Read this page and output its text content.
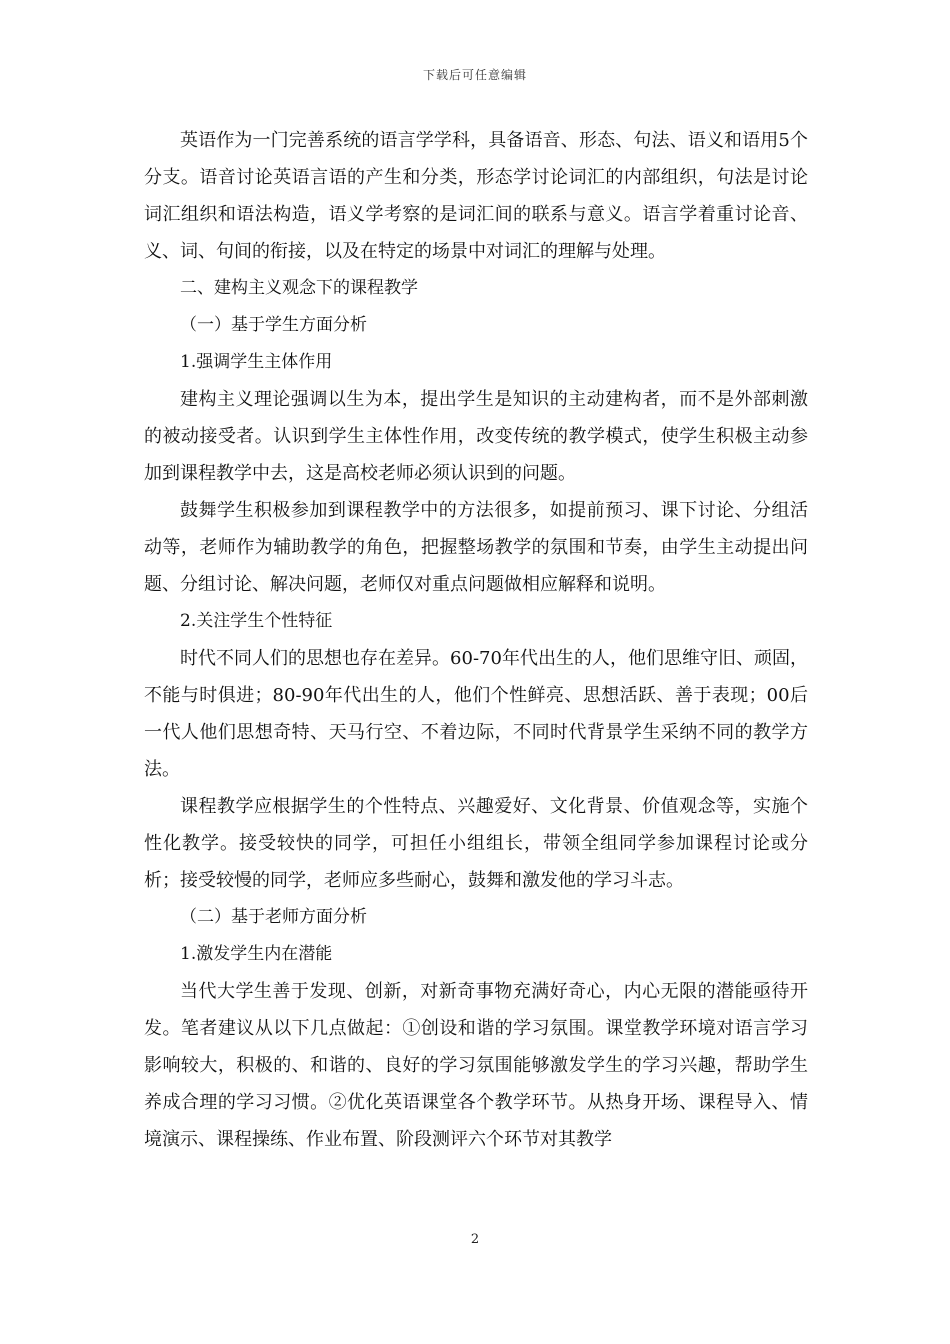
下载后可任意编辑

英语作为一门完善系统的语言学学科，具备语音、形态、句法、语义和语用5个分支。语音讨论英语言语的产生和分类，形态学讨论词汇的内部组织，句法是讨论词汇组织和语法构造，语义学考察的是词汇间的联系与意义。语言学着重讨论音、义、词、句间的衔接，以及在特定的场景中对词汇的理解与处理。

二、建构主义观念下的课程教学

（一）基于学生方面分析

1.强调学生主体作用

建构主义理论强调以生为本，提出学生是知识的主动建构者，而不是外部刺激的被动接受者。认识到学生主体性作用，改变传统的教学模式，使学生积极主动参加到课程教学中去，这是高校老师必须认识到的问题。

鼓舞学生积极参加到课程教学中的方法很多，如提前预习、课下讨论、分组活动等，老师作为辅助教学的角色，把握整场教学的氛围和节奏，由学生主动提出问题、分组讨论、解决问题，老师仅对重点问题做相应解释和说明。

2.关注学生个性特征

时代不同人们的思想也存在差异。60-70年代出生的人，他们思维守旧、顽固，不能与时俱进；80-90年代出生的人，他们个性鲜亮、思想活跃、善于表现；00后一代人他们思想奇特、天马行空、不着边际，不同时代背景学生采纳不同的教学方法。

课程教学应根据学生的个性特点、兴趣爱好、文化背景、价值观念等，实施个性化教学。接受较快的同学，可担任小组组长，带领全组同学参加课程讨论或分析；接受较慢的同学，老师应多些耐心，鼓舞和激发他的学习斗志。

（二）基于老师方面分析

1.激发学生内在潜能

当代大学生善于发现、创新，对新奇事物充满好奇心，内心无限的潜能亟待开发。笔者建议从以下几点做起：①创设和谐的学习氛围。课堂教学环境对语言学习影响较大，积极的、和谐的、良好的学习氛围能够激发学生的学习兴趣，帮助学生养成合理的学习习惯。②优化英语课堂各个教学环节。从热身开场、课程导入、情境演示、课程操练、作业布置、阶段测评六个环节对其教学

2
